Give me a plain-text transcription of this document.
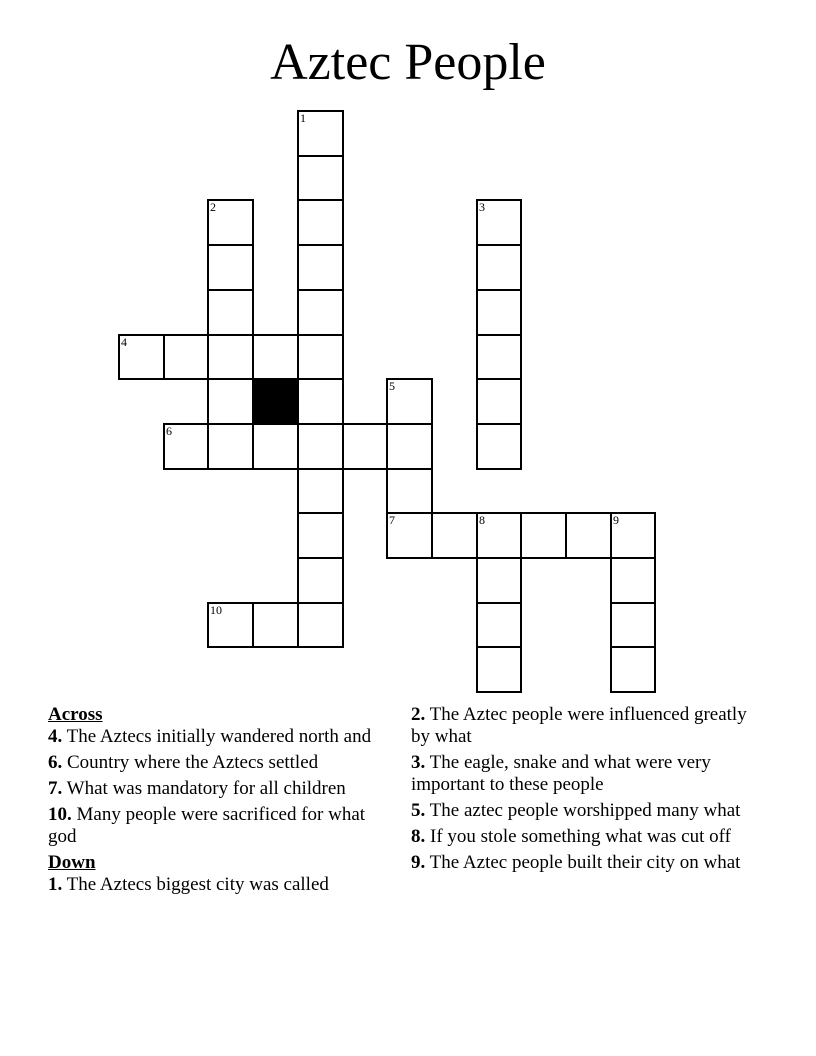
Aztec People
1
2	3
4
5
6
7	8	9
10
Across
4. The Aztecs initially wandered north and
6. Country where the Aztecs settled
7. What was mandatory for all children
10. Many people were sacrificed for what god
Down
1. The Aztecs biggest city was called
2. The Aztec people were influenced greatly by what
3. The eagle, snake and what were very important to these people
5. The aztec people worshipped many what
8. If you stole something what was cut off
9. The Aztec people built their city on what
